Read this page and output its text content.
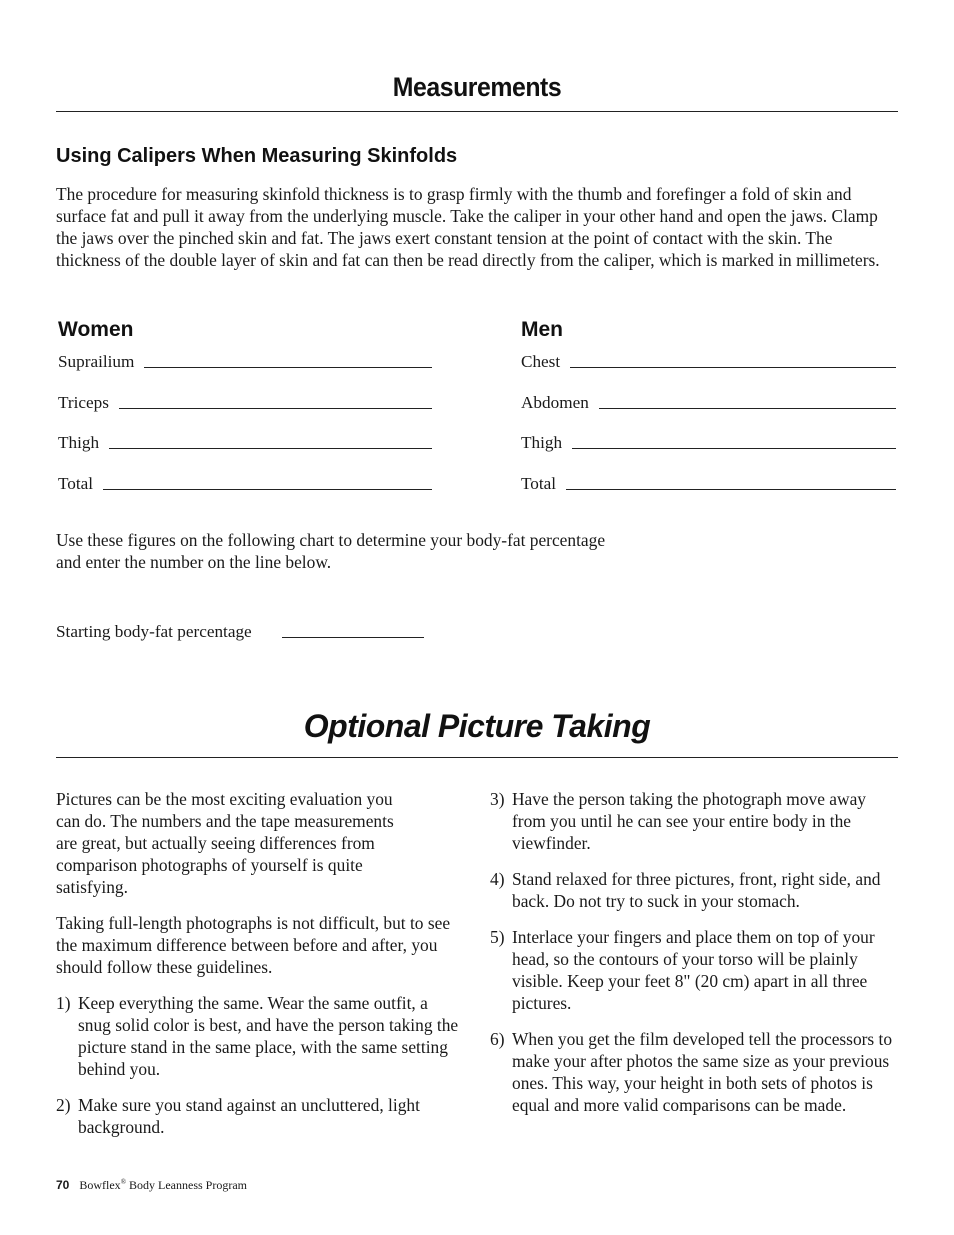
Measurements
Using Calipers When Measuring Skinfolds
The procedure for measuring skinfold thickness is to grasp firmly with the thumb and forefinger a fold of skin and surface fat and pull it away from the underlying muscle. Take the caliper in your other hand and open the jaws. Clamp the jaws over the pinched skin and fat. The jaws exert constant tension at the point of contact with the skin. The thickness of the double layer of skin and fat can then be read directly from the caliper, which is marked in millimeters.
Women
Suprailium
Triceps
Thigh
Total
Men
Chest
Abdomen
Thigh
Total
Use these figures on the following chart to determine your body-fat percentage
and enter the number on the line below.
Starting body-fat percentage
Optional Picture Taking

Pictures can be the most exciting evaluation you can do. The numbers and the tape measurements are great, but actually seeing differences from comparison photographs of yourself is quite satisfying.

Taking full-length photographs is not difficult, but to see the maximum difference between before and after, you should follow these guidelines.

1) Keep everything the same. Wear the same outfit, a snug solid color is best, and have the person taking the picture stand in the same place, with the same setting behind you.
2) Make sure you stand against an uncluttered, light background.
3) Have the person taking the photograph move away from you until he can see your entire body in the viewfinder.
4) Stand relaxed for three pictures, front, right side, and back. Do not try to suck in your stomach.
5) Interlace your fingers and place them on top of your head, so the contours of your torso will be plainly visible. Keep your feet 8" (20 cm) apart in all three pictures.
6) When you get the film developed tell the processors to make your after photos the same size as your previous ones. This way, your height in both sets of photos is equal and more valid comparisons can be made.
70 Bowflex® Body Leanness Program
